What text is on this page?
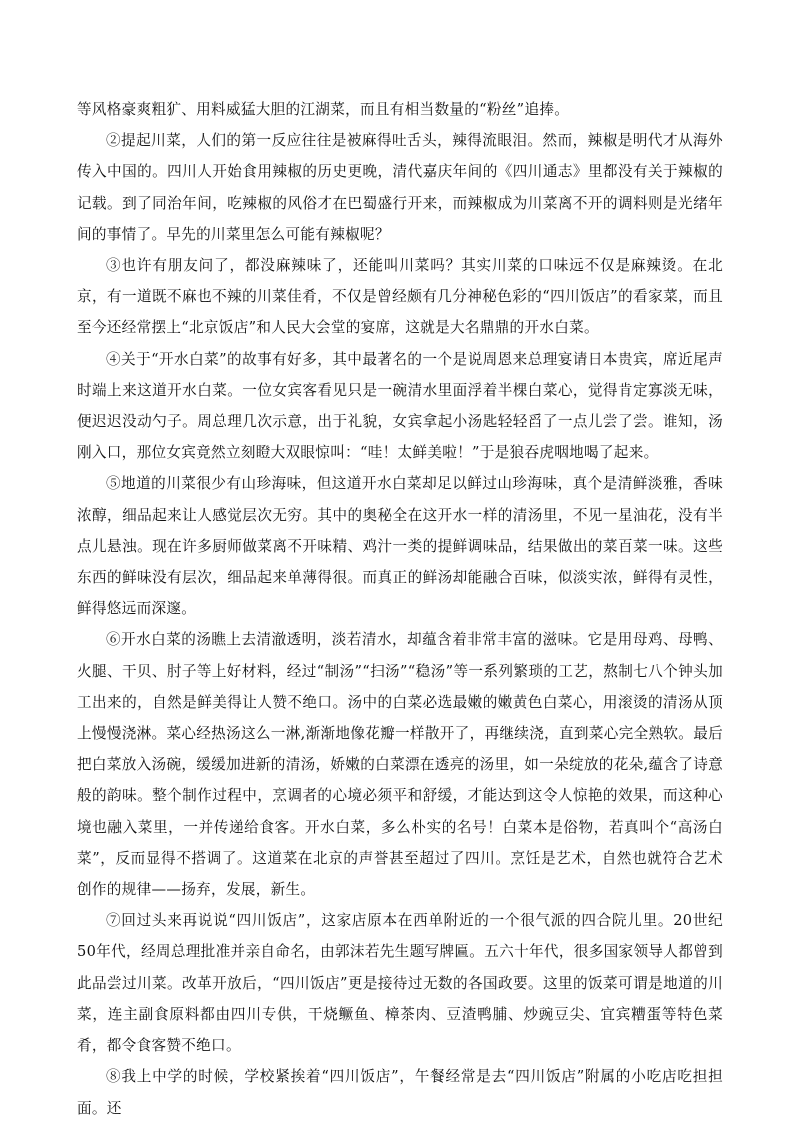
等风格豪爽粗犷、用料威猛大胆的江湖菜，而且有相当数量的“粉丝”追捧。

②提起川菜，人们的第一反应往往是被麻得吐舌头，辣得流眼泪。然而，辣椒是明代才从海外传入中国的。四川人开始食用辣椒的历史更晚，清代嘉庆年间的《四川通志》里都没有关于辣椒的记载。到了同治年间，吃辣椒的风俗才在巴蜀盛行开来，而辣椒成为川菜离不开的调料则是光绪年间的事情了。早先的川菜里怎么可能有辣椒呢？

③也许有朋友问了，都没麻辣味了，还能叫川菜吗？其实川菜的口味远不仅是麻辣烫。在北京，有一道既不麻也不辣的川菜佳肴，不仅是曾经颇有几分神秘色彩的“四川饭店”的看家菜，而且至今还经常摆上“北京饭店”和人民大会堂的宴席，这就是大名鼎鼎的开水白菜。

④关于“开水白菜”的故事有好多，其中最著名的一个是说周恩来总理宴请日本贵宾，席近尾声时端上来这道开水白菜。一位女宾客看见只是一碗清水里面浮着半棵白菜心，觉得肯定寡淡无味，便迟迟没动勺子。周总理几次示意，出于礼貌，女宾拿起小汤匙轻轻舀了一点儿尝了尝。谁知，汤刚入口，那位女宾竟然立刻瞪大双眼惊叫：“哇！太鲜美啦！”于是狼吞虎咽地喝了起来。

⑤地道的川菜很少有山珍海味，但这道开水白菜却足以鲜过山珍海味，真个是清鲜淡雅，香味浓醇，细品起来让人感觉层次无穷。其中的奥秘全在这开水一样的清汤里，不见一星油花，没有半点儿悬浊。现在许多厨师做菜离不开味精、鸡汁一类的提鲜调味品，结果做出的菜百菜一味。这些东西的鲜味没有层次，细品起来单薄得很。而真正的鲜汤却能融合百味，似淡实浓，鲜得有灵性，鲜得悠远而深邃。

⑥开水白菜的汤瞧上去清澈透明，淡若清水，却蕴含着非常丰富的滋味。它是用母鸡、母鸭、火腿、干贝、肘子等上好材料，经过“制汤”“扫汤”“稳汤”等一系列繁琐的工艺，熬制七八个钟头加工出来的，自然是鲜美得让人赞不绝口。汤中的白菜必选最嫩的嫩黄色白菜心，用滚烫的清汤从顶上慢慢浇淋。菜心经热汤这么一淋,渐渐地像花瓣一样散开了，再继续浇，直到菜心完全熟软。最后把白菜放入汤碗，缓缓加进新的清汤，娇嫩的白菜漂在透亮的汤里，如一朵绽放的花朵,蕴含了诗意般的韵味。整个制作过程中，烹调者的心境必须平和舒缓，才能达到这令人惊艳的效果，而这种心境也融入菜里，一并传递给食客。开水白菜，多么朴实的名号！白菜本是俗物，若真叫个“高汤白菜”，反而显得不搭调了。这道菜在北京的声誉甚至超过了四川。烹饪是艺术，自然也就符合艺术创作的规律——扬弃，发展，新生。

⑦回过头来再说说“四川饭店”，这家店原本在西单附近的一个很气派的四合院儿里。20世纪50年代，经周总理批准并亲自命名，由郭沫若先生题写牌匾。五六十年代，很多国家领导人都曾到此品尝过川菜。改革开放后，“四川饭店”更是接待过无数的各国政要。这里的饭菜可谓是地道的川菜，连主副食原料都由四川专供，干烧鳜鱼、樟茶肉、豆渣鸭脯、炒豌豆尖、宜宾糟蛋等特色菜肴，都令食客赞不绝口。

⑧我上中学的时候，学校紧挨着“四川饭店”，午餐经常是去“四川饭店”附属的小吃店吃担担面。还
